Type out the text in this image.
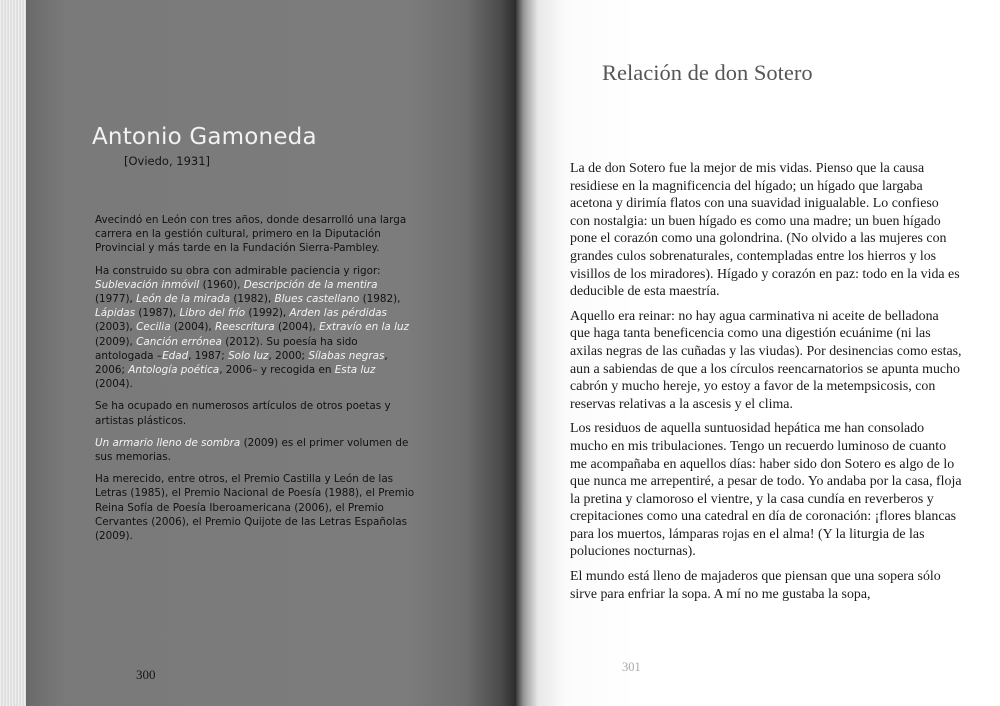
Antonio Gamoneda
[Oviedo, 1931]

Avecindó en León con tres años, donde desarrolló una larga carrera en la gestión cultural, primero en la Diputación Provincial y más tarde en la Fundación Sierra-Pambley.

Ha construido su obra con admirable paciencia y rigor: Sublevación inmóvil (1960), Descripción de la mentira (1977), León de la mirada (1982), Blues castellano (1982), Lápidas (1987), Libro del frío (1992), Arden las pérdidas (2003), Cecilia (2004), Reescritura (2004), Extravío en la luz (2009), Canción errónea (2012). Su poesía ha sido antologada –Edad, 1987; Solo luz, 2000; Sílabas negras, 2006; Antología poética, 2006– y recogida en Esta luz (2004).

Se ha ocupado en numerosos artículos de otros poetas y artistas plásticos.

Un armario lleno de sombra (2009) es el primer volumen de sus memorias.

Ha merecido, entre otros, el Premio Castilla y León de las Letras (1985), el Premio Nacional de Poesía (1988), el Premio Reina Sofía de Poesía Iberoamericana (2006), el Premio Cervantes (2006), el Premio Quijote de las Letras Españolas (2009).

300
Relación de don Sotero

La de don Sotero fue la mejor de mis vidas. Pienso que la causa residiese en la magnificencia del hígado; un hígado que largaba acetona y dirimía flatos con una suavidad inigualable. Lo confieso con nostalgia: un buen hígado es como una madre; un buen hígado pone el corazón como una golondrina. (No olvido a las mujeres con grandes culos sobrenaturales, contempladas entre los hierros y los visillos de los miradores). Hígado y corazón en paz: todo en la vida es deducible de esta maestría.

Aquello era reinar: no hay agua carminativa ni aceite de belladona que haga tanta beneficencia como una digestión ecuánime (ni las axilas negras de las cuñadas y las viudas). Por desinencias como estas, aun a sabiendas de que a los círculos reencarnatorios se apunta mucho cabrón y mucho hereje, yo estoy a favor de la metempsicosis, con reservas relativas a la ascesis y el clima.

Los residuos de aquella suntuosidad hepática me han consolado mucho en mis tribulaciones. Tengo un recuerdo luminoso de cuanto me acompañaba en aquellos días: haber sido don Sotero es algo de lo que nunca me arrepentiré, a pesar de todo. Yo andaba por la casa, floja la pretina y clamoroso el vientre, y la casa cundía en reverberos y crepitaciones como una catedral en día de coronación: ¡flores blancas para los muertos, lámparas rojas en el alma! (Y la liturgia de las poluciones nocturnas).

El mundo está lleno de majaderos que piensan que una sopera sólo sirve para enfriar la sopa. A mí no me gustaba la sopa,

301
